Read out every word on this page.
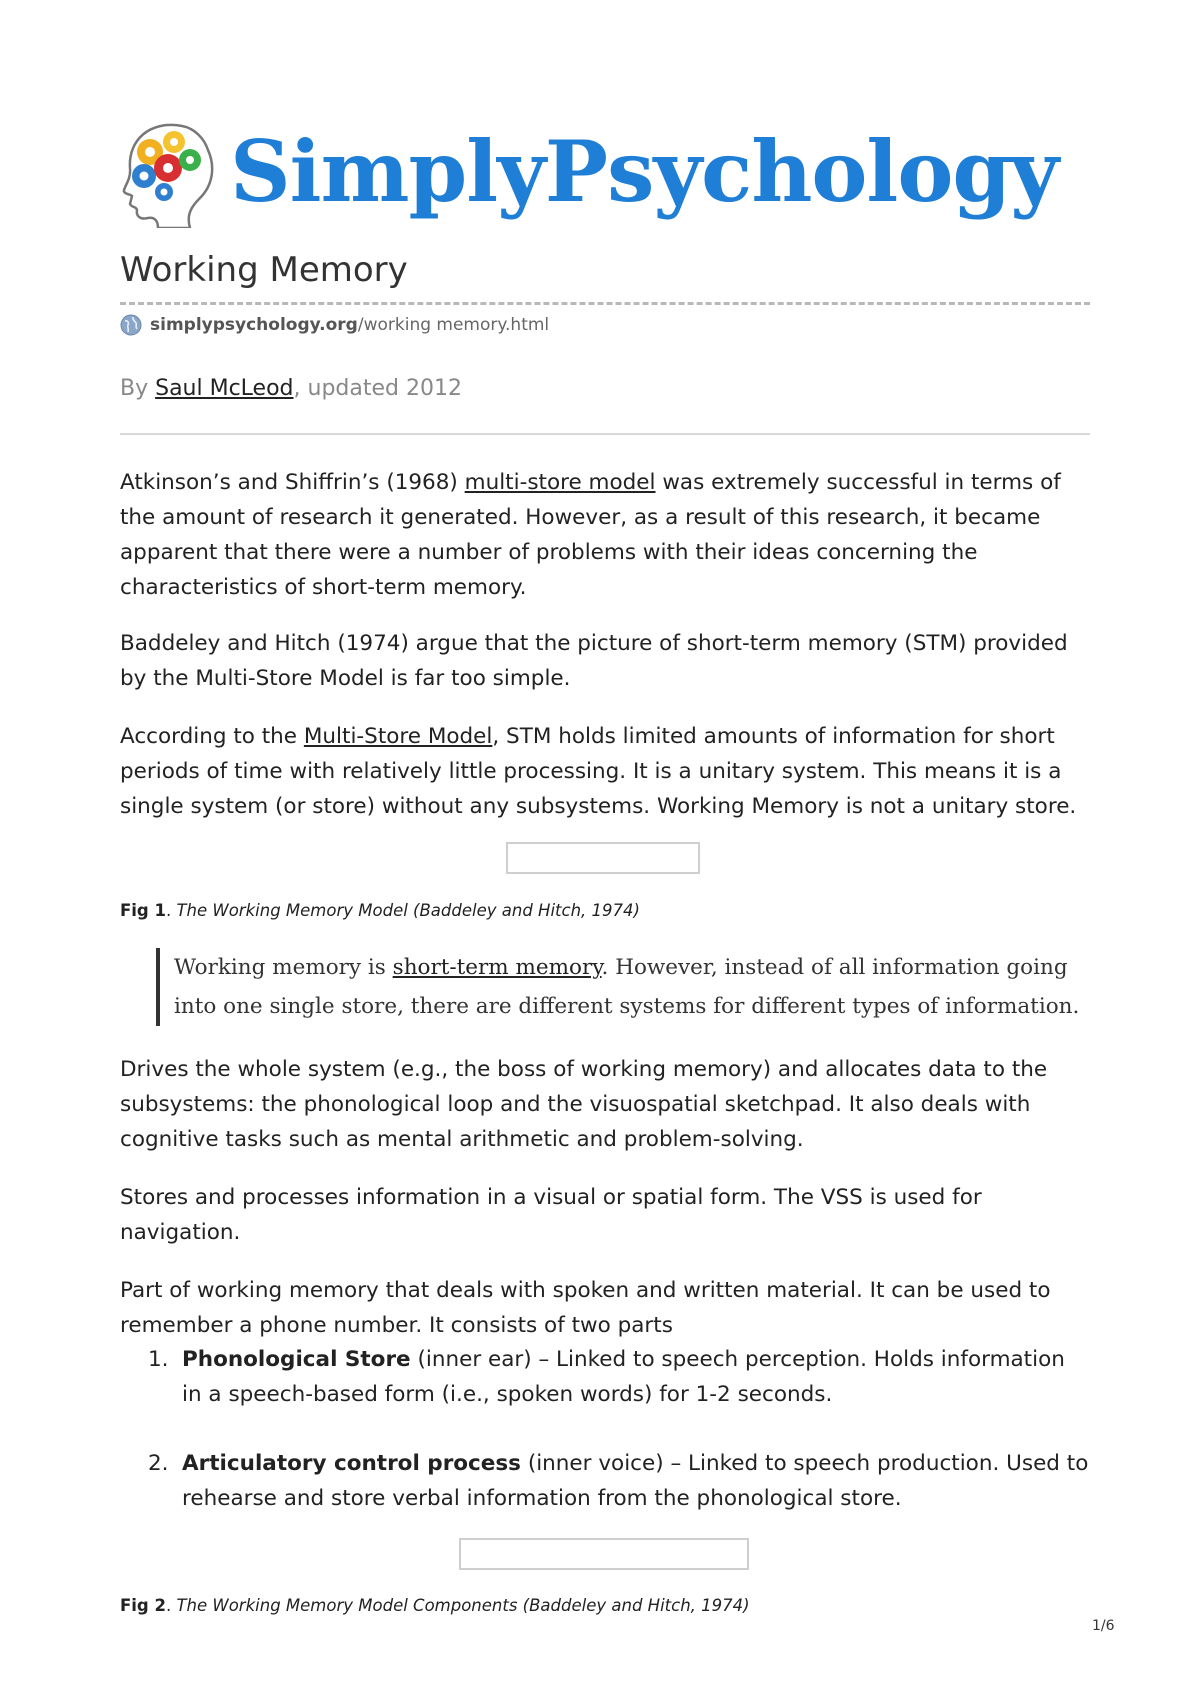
SimplyPsychology
Working Memory
simplypsychology.org/working memory.html
By Saul McLeod, updated 2012

Atkinson’s and Shiffrin’s (1968) multi-store model was extremely successful in terms of the amount of research it generated. However, as a result of this research, it became apparent that there were a number of problems with their ideas concerning the characteristics of short-term memory.

Baddeley and Hitch (1974) argue that the picture of short-term memory (STM) provided by the Multi-Store Model is far too simple.

According to the Multi-Store Model, STM holds limited amounts of information for short periods of time with relatively little processing. It is a unitary system. This means it is a single system (or store) without any subsystems. Working Memory is not a unitary store.

Fig 1. The Working Memory Model (Baddeley and Hitch, 1974)
Working memory is short-term memory. However, instead of all information going into one single store, there are different systems for different types of information.

Drives the whole system (e.g., the boss of working memory) and allocates data to the subsystems: the phonological loop and the visuospatial sketchpad. It also deals with cognitive tasks such as mental arithmetic and problem-solving.

Stores and processes information in a visual or spatial form. The VSS is used for navigation.

Part of working memory that deals with spoken and written material. It can be used to remember a phone number. It consists of two parts

1. Phonological Store (inner ear) – Linked to speech perception. Holds information in a speech-based form (i.e., spoken words) for 1-2 seconds.
2. Articulatory control process (inner voice) – Linked to speech production. Used to rehearse and store verbal information from the phonological store.
Fig 2. The Working Memory Model Components (Baddeley and Hitch, 1974)
1/6
